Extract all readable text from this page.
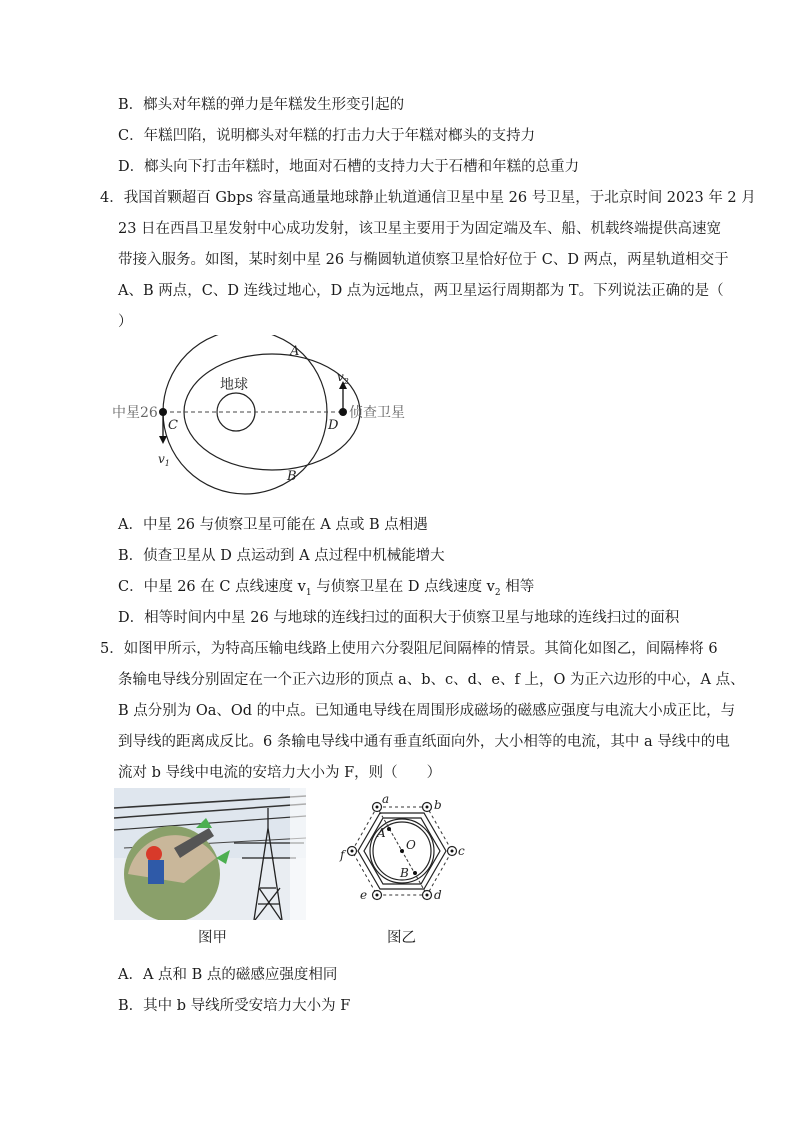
B．榔头对年糕的弹力是年糕发生形变引起的
C．年糕凹陷，说明榔头对年糕的打击力大于年糕对榔头的支持力
D．榔头向下打击年糕时，地面对石槽的支持力大于石槽和年糕的总重力
4．我国首颗超百 Gbps 容量高通量地球静止轨道通信卫星中星 26 号卫星，于北京时间 2023 年 2 月
23 日在西昌卫星发射中心成功发射，该卫星主要用于为固定端及车、船、机载终端提供高速宽
带接入服务。如图，某时刻中星 26 与椭圆轨道侦察卫星恰好位于 C、D 两点，两星轨道相交于
A、B 两点，C、D 连线过地心，D 点为远地点，两卫星运行周期都为 T。下列说法正确的是（
）
地球
A
B
C	D
中星26	侦查卫星
$v_1$
$v_2$
A．中星 26 与侦察卫星可能在 A 点或 B 点相遇
B．侦查卫星从 D 点运动到 A 点过程中机械能增大
C．中星 26 在 C 点线速度 $v_1$ 与侦察卫星在 D 点线速度 $v_2$ 相等
D．相等时间内中星 26 与地球的连线扫过的面积大于侦察卫星与地球的连线扫过的面积
5．如图甲所示，为特高压输电线路上使用六分裂阻尼间隔棒的情景。其简化如图乙，间隔棒将 6
条输电导线分别固定在一个正六边形的顶点 a、b、c、d、e、f 上，O 为正六边形的中心，A 点、
B 点分别为 Oa、Od 的中点。已知通电导线在周围形成磁场的磁感应强度与电流大小成正比，与
到导线的距离成反比。6 条输电导线中通有垂直纸面向外，大小相等的电流，其中 a 导线中的电
流对 b 导线中电流的安培力大小为 F，则（　　）
图甲
a	b
c
d
e
f
O
A
B
图乙
A．A 点和 B 点的磁感应强度相同
B．其中 b 导线所受安培力大小为 F
